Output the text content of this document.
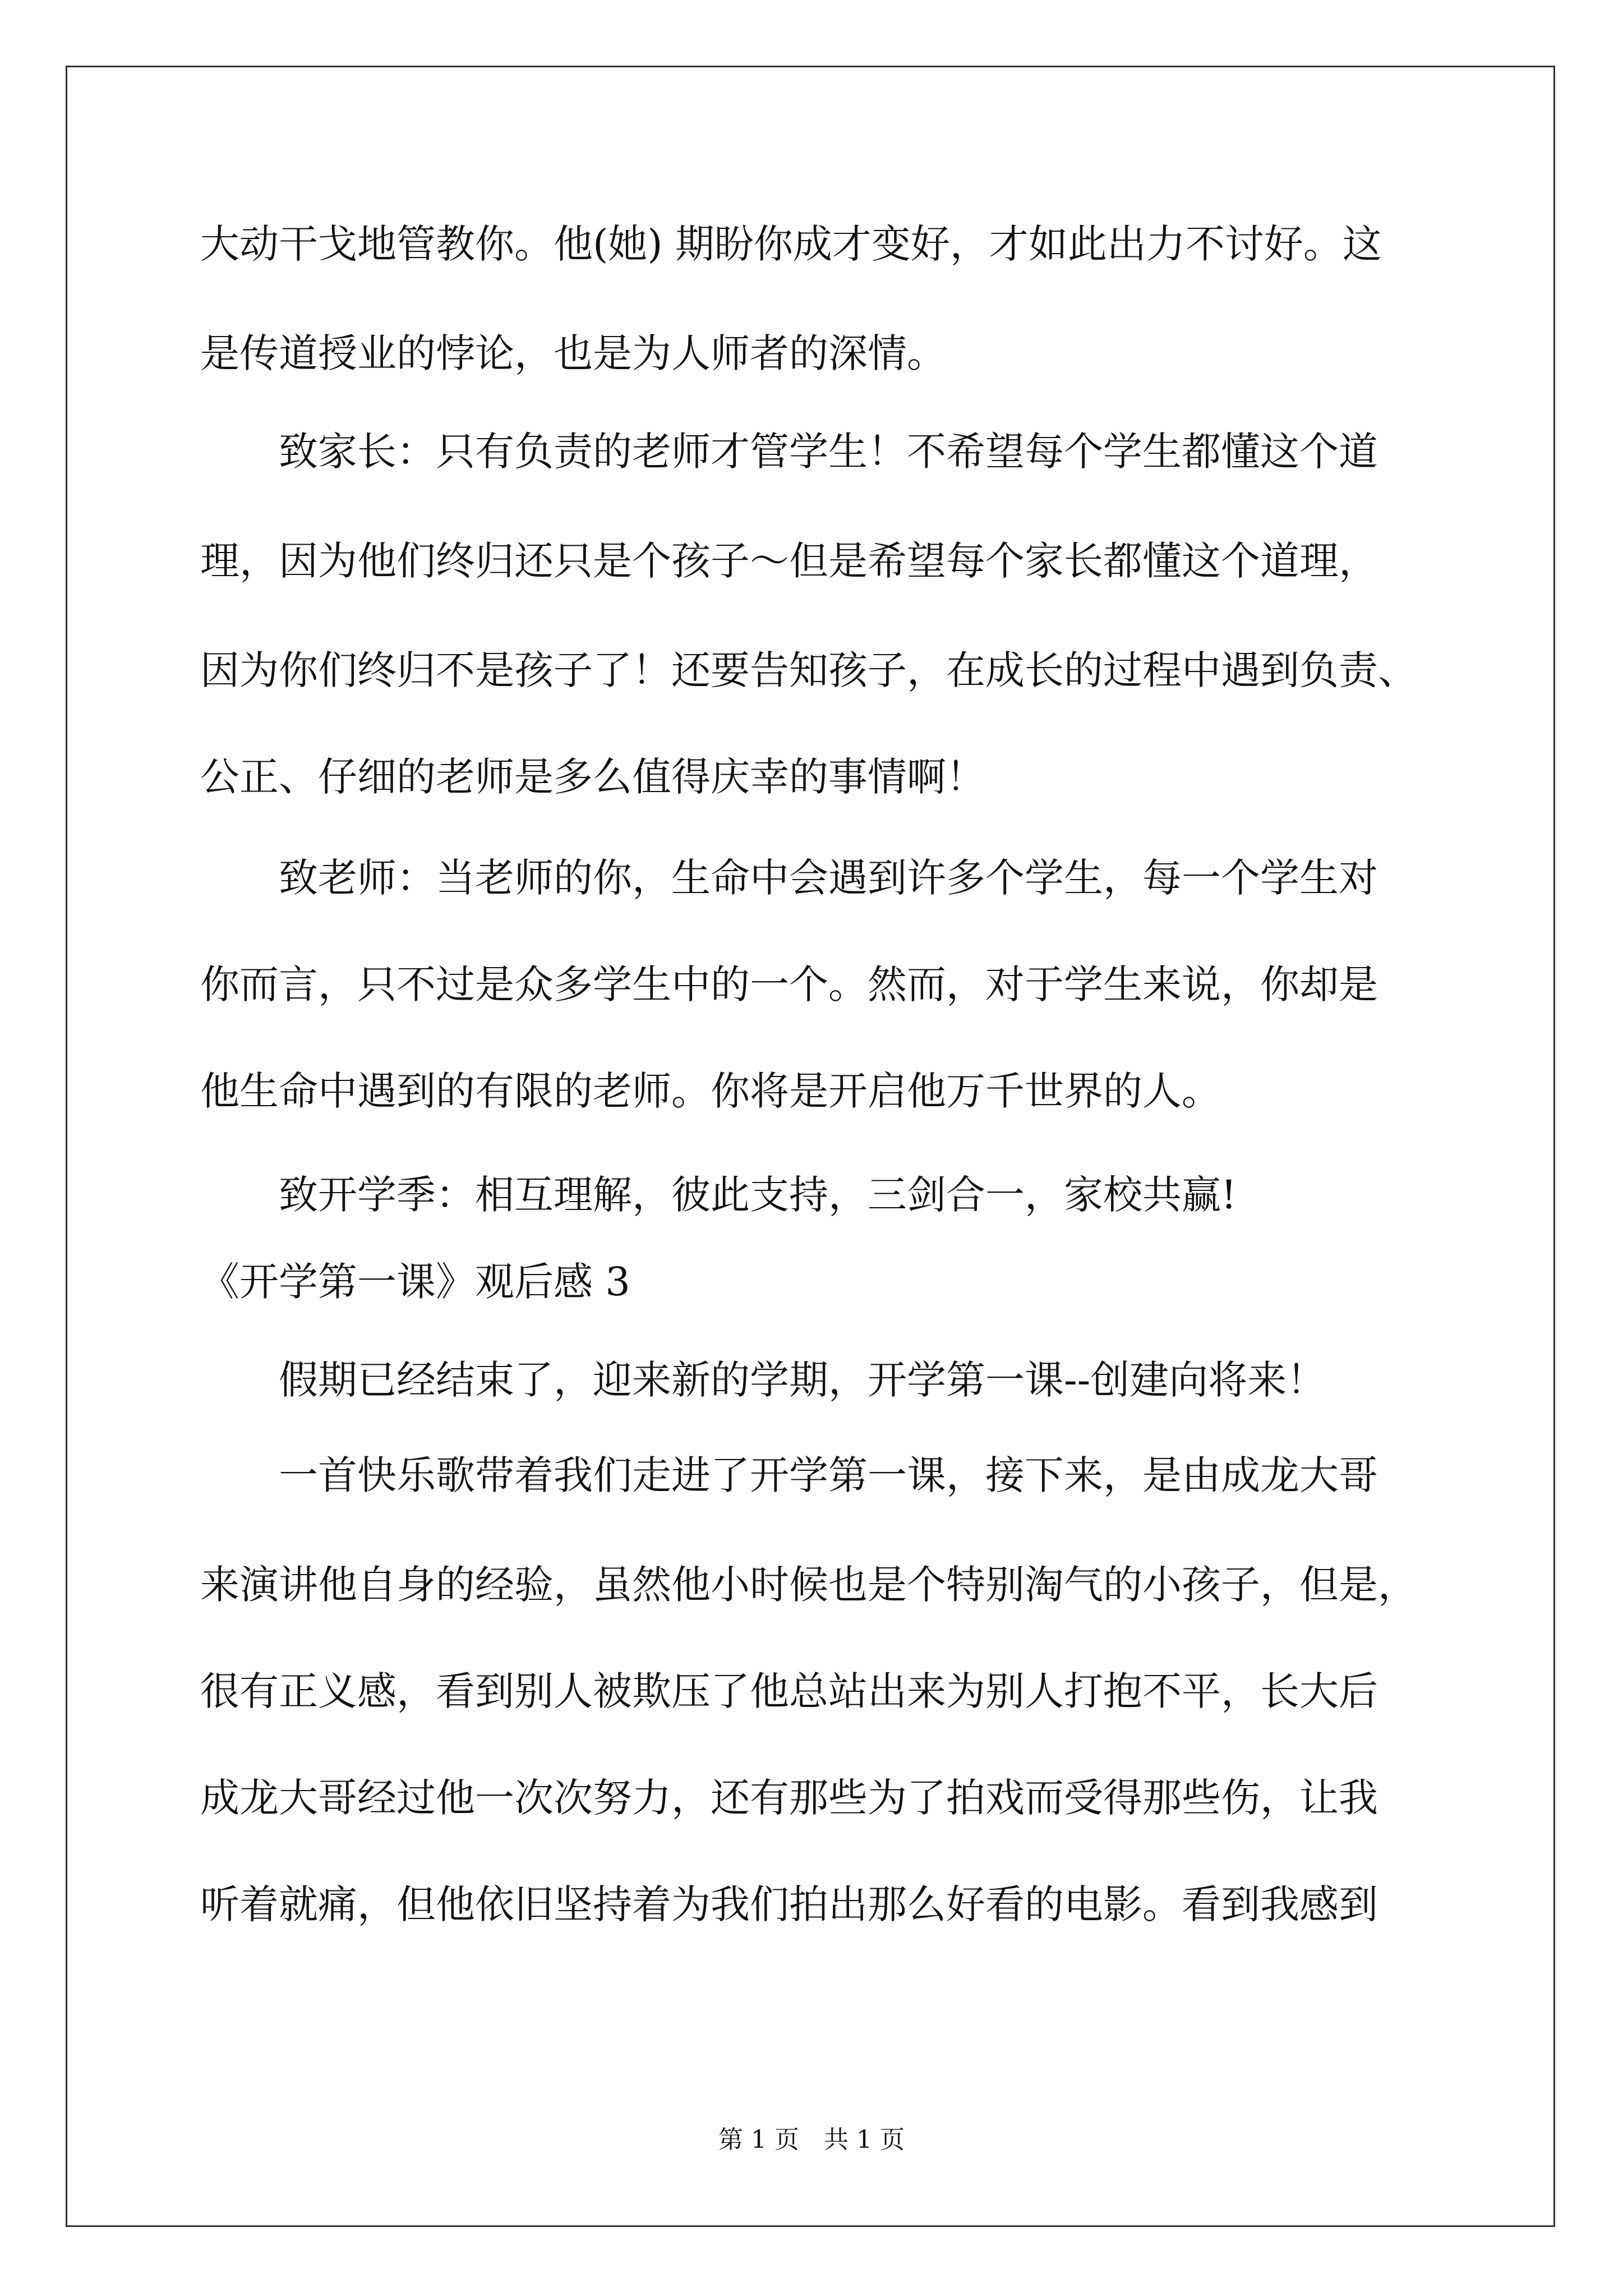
大动干戈地管教你。他(她) 期盼你成才变好，才如此出力不讨好。这
是传道授业的悖论，也是为人师者的深情。
　　致家长：只有负责的老师才管学生！不希望每个学生都懂这个道
理，因为他们终归还只是个孩子～但是希望每个家长都懂这个道理，
因为你们终归不是孩子了！还要告知孩子，在成长的过程中遇到负责、
公正、仔细的老师是多么值得庆幸的事情啊！
　　致老师：当老师的你，生命中会遇到许多个学生，每一个学生对
你而言，只不过是众多学生中的一个。然而，对于学生来说，你却是
他生命中遇到的有限的老师。你将是开启他万千世界的人。
　　致开学季：相互理解，彼此支持，三剑合一，家校共赢!
《开学第一课》观后感 3
　　假期已经结束了，迎来新的学期，开学第一课--创建向将来！
　　一首快乐歌带着我们走进了开学第一课，接下来，是由成龙大哥
来演讲他自身的经验，虽然他小时候也是个特别淘气的小孩子，但是，
很有正义感，看到别人被欺压了他总站出来为别人打抱不平，长大后
成龙大哥经过他一次次努力，还有那些为了拍戏而受得那些伤，让我
听着就痛，但他依旧坚持着为我们拍出那么好看的电影。看到我感到
第 1 页　共 1 页
